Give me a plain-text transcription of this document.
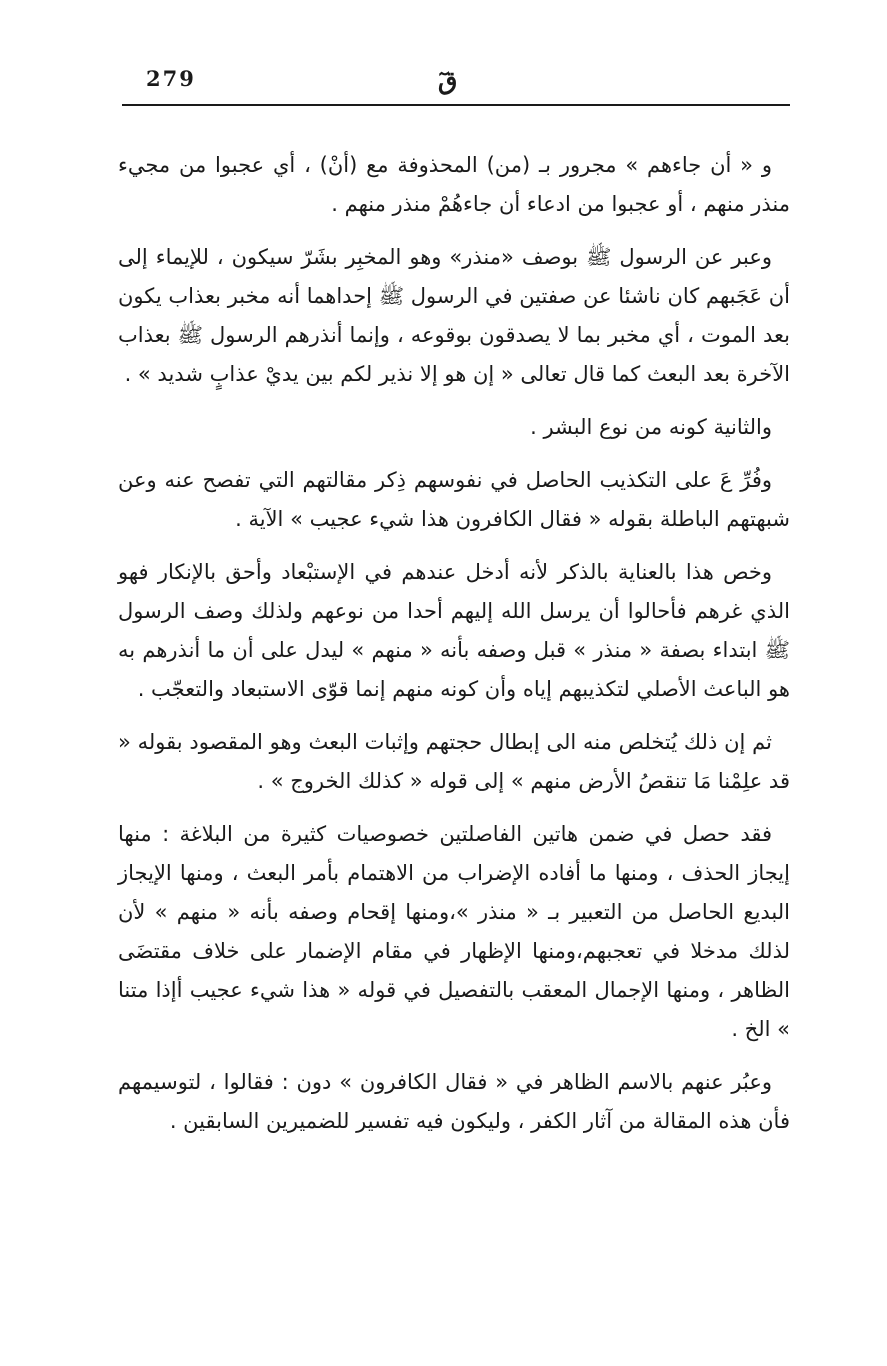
279	قٓ

و « أن جاءهم » مجرور بـ (من) المحذوفة مع (أنْ) ، أي عجبوا من مجيء منذر منهم ، أو عجبوا من ادعاء أن جاءهُمْ منذر منهم .

وعبر عن الرسول ﷺ بوصف «منذر» وهو المخبِر بشَرّ سيكون ، للإيماء إلى أن عَجَبهم كان ناشئا عن صفتين في الرسول ﷺ إحداهما أنه مخبر بعذاب يكون بعد الموت ، أي مخبر بما لا يصدقون بوقوعه ، وإنما أنذرهم الرسول ﷺ بعذاب الآخرة بعد البعث كما قال تعالى « إن هو إلا نذير لكم بين يديْ عذابٍ شديد » .

والثانية كونه من نوع البشر .

وفُرِّ عَ على التكذيب الحاصل في نفوسهم ذِكر مقالتهم التي تفصح عنه وعن شبهتهم الباطلة بقوله « فقال الكافرون هذا شيء عجيب » الآية .

وخص هذا بالعناية بالذكر لأنه أدخل عندهم في الإستبْعاد وأحق بالإنكار فهو الذي غرهم فأحالوا أن يرسل الله إليهم أحدا من نوعهم ولذلك وصف الرسول ﷺ ابتداء بصفة « منذر » قبل وصفه بأنه « منهم » ليدل على أن ما أنذرهم به هو الباعث الأصلي لتكذيبهم إياه وأن كونه منهم إنما قوّى الاستبعاد والتعجّب .

ثم إن ذلك يُتخلص منه الى إبطال حجتهم وإثبات البعث وهو المقصود بقوله « قد علِمْنا مَا تنقصُ الأرض منهم » إلى قوله « كذلك الخروج » .

فقد حصل في ضمن هاتين الفاصلتين خصوصيات كثيرة من البلاغة : منها إيجاز الحذف ، ومنها ما أفاده الإضراب من الاهتمام بأمر البعث ، ومنها الإيجاز البديع الحاصل من التعبير بـ « منذر »،ومنها إقحام وصفه بأنه « منهم » لأن لذلك مدخلا في تعجبهم،ومنها الإظهار في مقام الإضمار على خلاف مقتضَى الظاهر ، ومنها الإجمال المعقب بالتفصيل في قوله « هذا شيء عجيب أإذا متنا » الخ .

وعبُر عنهم بالاسم الظاهر في « فقال الكافرون » دون : فقالوا ، لتوسيمهم فأن هذه المقالة من آثار الكفر ، وليكون فيه تفسير للضميرين السابقين .
